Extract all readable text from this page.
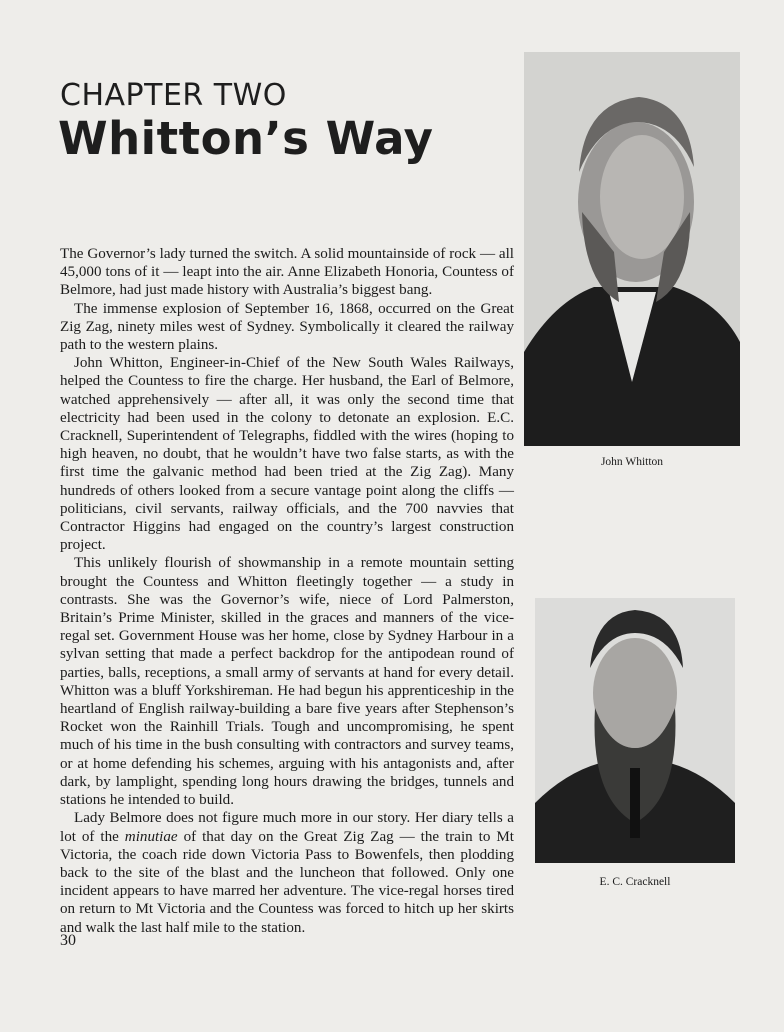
CHAPTER TWO
Whitton’s Way

The Governor’s lady turned the switch. A solid mountainside of rock — all 45,000 tons of it — leapt into the air. Anne Elizabeth Honoria, Countess of Belmore, had just made history with Australia’s biggest bang.

The immense explosion of September 16, 1868, occurred on the Great Zig Zag, ninety miles west of Sydney. Symbolically it cleared the railway path to the western plains.

John Whitton, Engineer-in-Chief of the New South Wales Railways, helped the Countess to fire the charge. Her husband, the Earl of Belmore, watched apprehensively — after all, it was only the second time that electricity had been used in the colony to detonate an explosion. E.C. Cracknell, Superintendent of Telegraphs, fiddled with the wires (hoping to high heaven, no doubt, that he wouldn’t have two false starts, as with the first time the galvanic method had been tried at the Zig Zag). Many hundreds of others looked from a secure vantage point along the cliffs — politicians, civil servants, railway officials, and the 700 navvies that Contractor Higgins had engaged on the country’s largest construction project.

This unlikely flourish of showmanship in a remote mountain setting brought the Countess and Whitton fleetingly together — a study in contrasts. She was the Governor’s wife, niece of Lord Palmerston, Britain’s Prime Minister, skilled in the graces and manners of the vice-regal set. Government House was her home, close by Sydney Harbour in a sylvan setting that made a perfect backdrop for the antipodean round of parties, balls, receptions, a small army of servants at hand for every detail. Whitton was a bluff Yorkshireman. He had begun his apprenticeship in the heartland of English railway-building a bare five years after Stephenson’s Rocket won the Rainhill Trials. Tough and uncompromising, he spent much of his time in the bush consulting with contractors and survey teams, or at home defending his schemes, arguing with his antagonists and, after dark, by lamplight, spending long hours drawing the bridges, tunnels and stations he intended to build.

Lady Belmore does not figure much more in our story. Her diary tells a lot of the minutiae of that day on the Great Zig Zag — the train to Mt Victoria, the coach ride down Victoria Pass to Bowenfels, then plodding back to the site of the blast and the luncheon that followed. Only one incident appears to have marred her adventure. The vice-regal horses tired on return to Mt Victoria and the Countess was forced to hitch up her skirts and walk the last half mile to the station.

John Whitton
E. C. Cracknell
30
